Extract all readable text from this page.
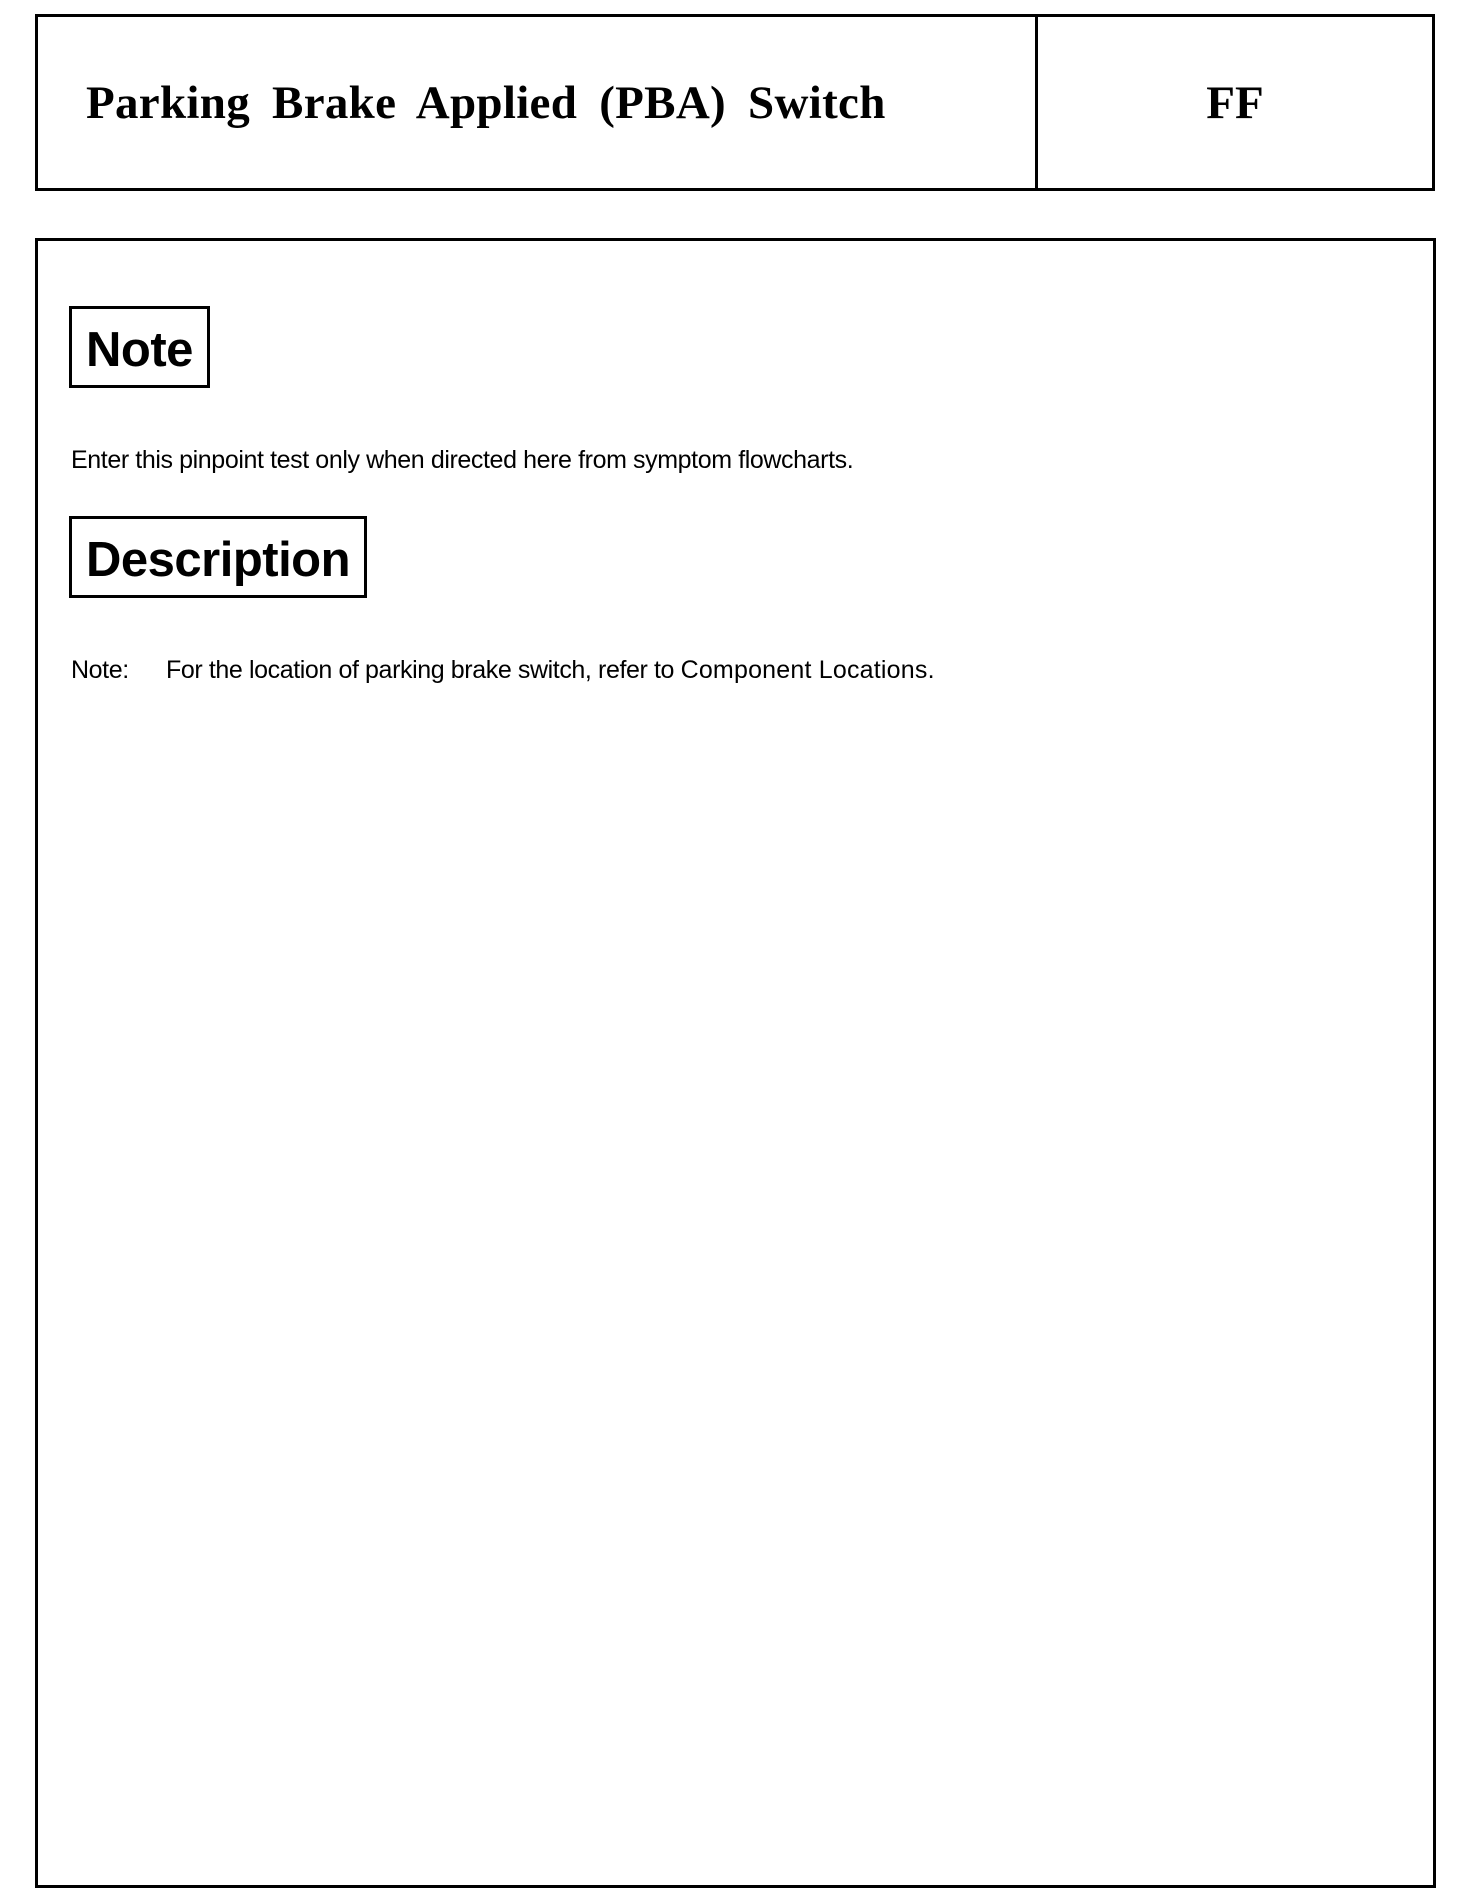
Parking Brake Applied (PBA) Switch	FF
Note
Enter this pinpoint test only when directed here from symptom flowcharts.
Description
Note: For the location of parking brake switch, refer to Component Locations.
